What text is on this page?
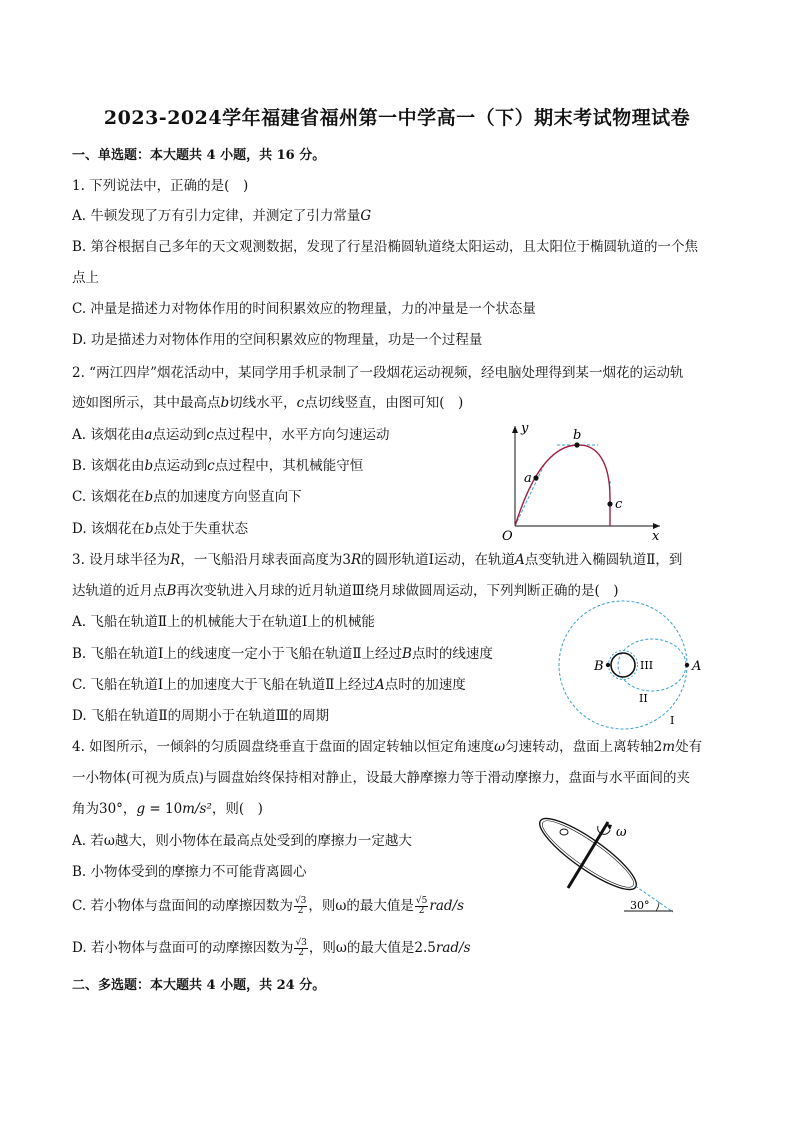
2023-2024学年福建省福州第一中学高一（下）期末考试物理试卷
一、单选题：本大题共 4 小题，共 16 分。
1. 下列说法中，正确的是(　)
A. 牛顿发现了万有引力定律，并测定了引力常量G
B. 第谷根据自己多年的天文观测数据，发现了行星沿椭圆轨道绕太阳运动，且太阳位于椭圆轨道的一个焦
点上
C. 冲量是描述力对物体作用的时间积累效应的物理量，力的冲量是一个状态量
D. 功是描述力对物体作用的空间积累效应的物理量，功是一个过程量
2. “两江四岸”烟花活动中，某同学用手机录制了一段烟花运动视频，经电脑处理得到某一烟花的运动轨
迹如图所示，其中最高点b切线水平，c点切线竖直，由图可知(　)
A. 该烟花由a点运动到c点过程中，水平方向匀速运动
B. 该烟花由b点运动到c点过程中，其机械能守恒
C. 该烟花在b点的加速度方向竖直向下
D. 该烟花在b点处于失重状态
a
b
c
y
x
O
3. 设月球半径为R，一飞船沿月球表面高度为3R的圆形轨道Ⅰ运动，在轨道A点变轨进入椭圆轨道Ⅱ，到
达轨道的近月点B再次变轨进入月球的近月轨道Ⅲ绕月球做圆周运动，下列判断正确的是(　)
A. 飞船在轨道Ⅱ上的机械能大于在轨道Ⅰ上的机械能
B. 飞船在轨道Ⅰ上的线速度一定小于飞船在轨道Ⅱ上经过B点时的线速度
C. 飞船在轨道Ⅰ上的加速度大于飞船在轨道Ⅱ上经过A点时的加速度
D. 飞船在轨道Ⅱ的周期小于在轨道Ⅲ的周期
B	A
III
II
I
4. 如图所示，一倾斜的匀质圆盘绕垂直于盘面的固定转轴以恒定角速度ω匀速转动，盘面上离转轴2m处有
一小物体(可视为质点)与圆盘始终保持相对静止，设最大静摩擦力等于滑动摩擦力，盘面与水平面间的夹
角为30°，g = 10m/s²，则(　)
A. 若ω越大，则小物体在最高点处受到的摩擦力一定越大
B. 小物体受到的摩擦力不可能背离圆心
C. 若小物体与盘面间的动摩擦因数为 $\frac{√3}{2}$ ，则ω的最大值是 $\frac{√5}{2} rad/s$
D. 若小物体与盘面可的动摩擦因数为 $\frac{√3}{2}$ ，则ω的最大值是2.5rad/s
ω
30°
二、多选题：本大题共 4 小题，共 24 分。
